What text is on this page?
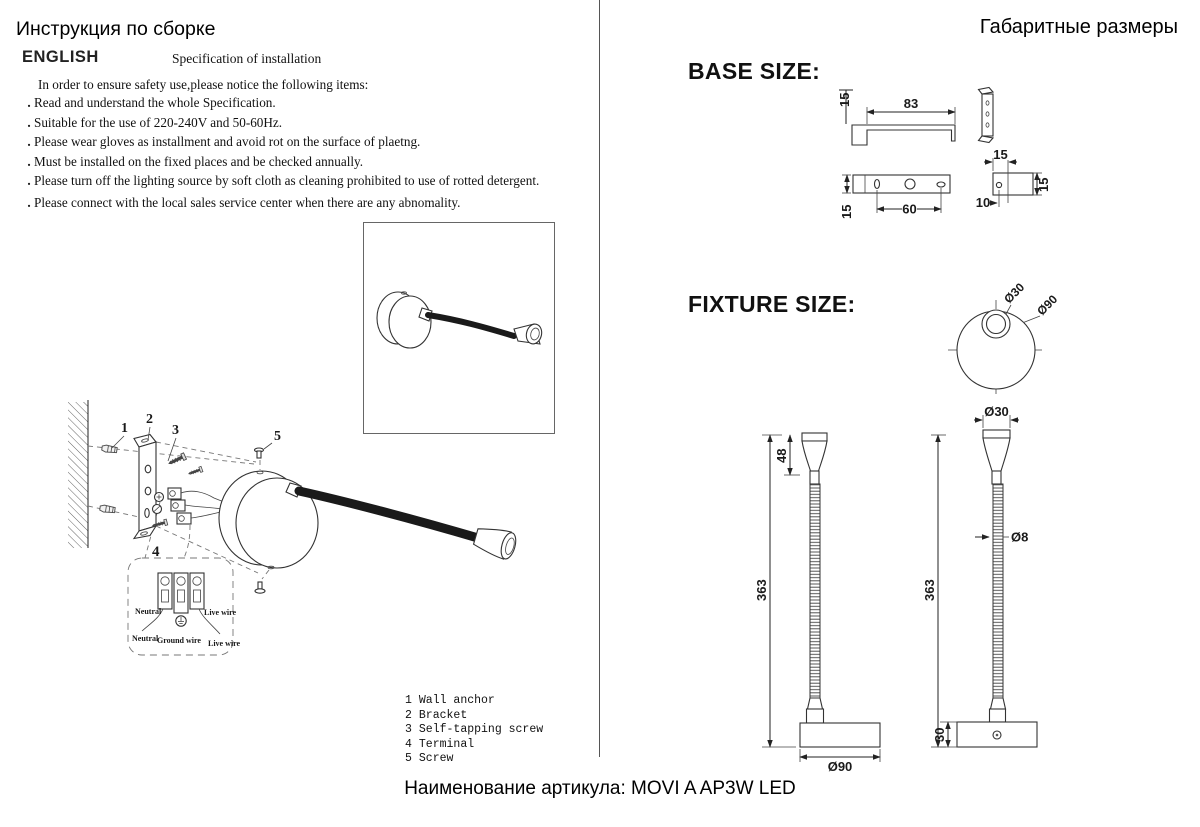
Инструкция по сборке
ENGLISH	Specification of installation
In order to ensure safety use,please notice the following items:
. Read and understand the whole Specification.
. Suitable for the use of 220-240V and 50-60Hz.
. Please wear gloves as installment and avoid rot on the surface of plaetng.
. Must be installed on the fixed places and be checked annually.
. Please turn off the lighting source by soft cloth as cleaning prohibited to use of rotted detergent.
. Please connect with the local sales service center when there are any abnomality.
1
2
3	5
4
Neutral	Live wire
Neutral
Ground wire Live wire
1 Wall anchor
2 Bracket
3 Self-tapping screw
4 Terminal
5 Screw
Габаритные размеры
BASE SIZE:
15	83
15	60
15
15
10
FIXTURE SIZE:	Ø30 Ø90
363
48
Ø90
Ø30
363
Ø8
30
Наименование артикула: MOVI A AP3W LED
